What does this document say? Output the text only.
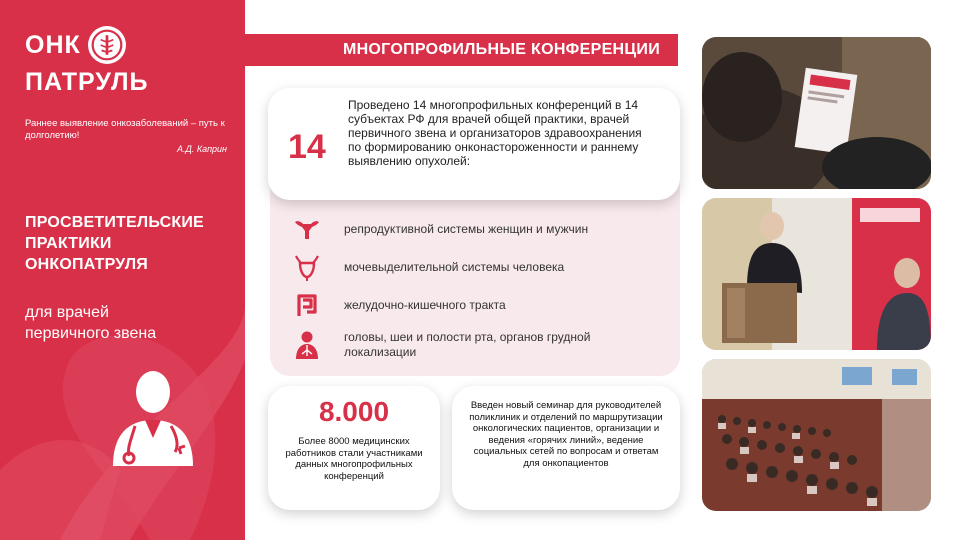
ОНК
ПАТРУЛЬ
Раннее выявление онкозаболеваний – путь к долголетию!
А.Д. Каприн
ПРОСВЕТИТЕЛЬСКИЕ ПРАКТИКИ ОНКОПАТРУЛЯ
для врачей первичного звена
МНОГОПРОФИЛЬНЫЕ КОНФЕРЕНЦИИ
14
Проведено 14 многопрофильных конференций в 14 субъектах РФ для врачей общей практики, врачей первичного звена и организаторов здравоохранения по формированию онконастороженности и раннему выявлению опухолей:
репродуктивной системы женщин и мужчин
мочевыделительной системы человека
желудочно-кишечного тракта
головы, шеи и полости рта, органов грудной локализации
8.000
Более 8000 медицинских работников стали участниками данных многопрофильных конференций
Введен новый семинар для руководителей поликлиник и отделений по маршрутизации онкологических пациентов, организации и ведения «горячих линий», ведение социальных сетей по вопросам и ответам для онкопациентов
